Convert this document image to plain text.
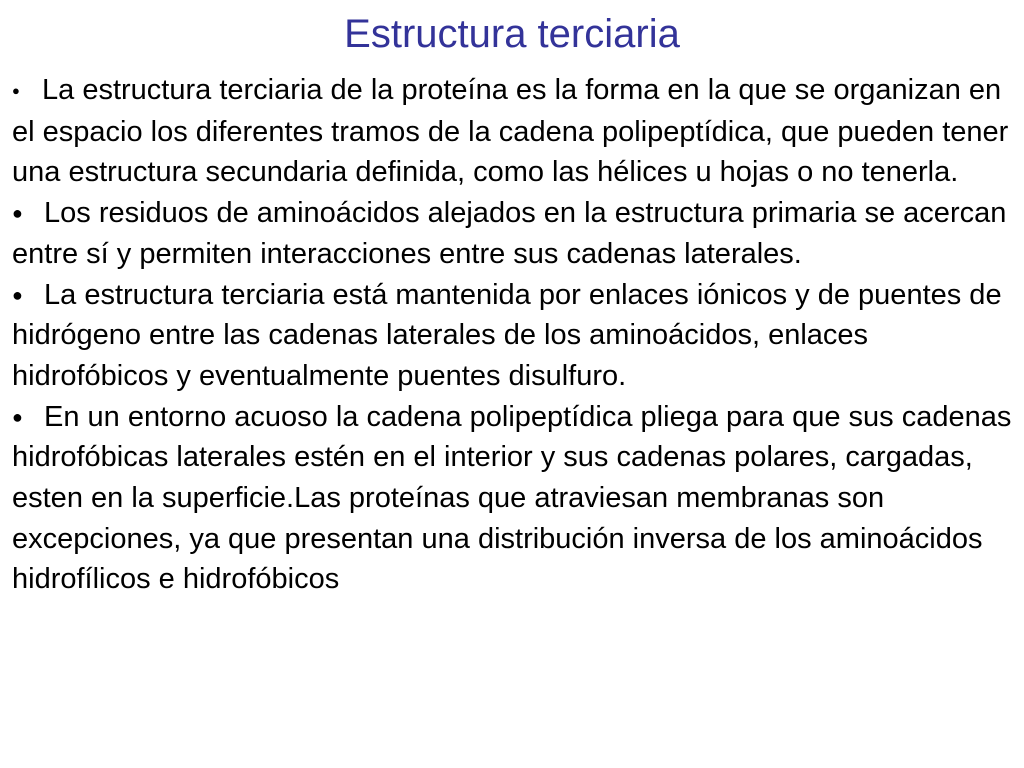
Estructura terciaria

● La estructura terciaria de la proteína es la forma en la que se organizan en el espacio los diferentes tramos de la cadena polipeptídica, que pueden tener una estructura secundaria definida, como las hélices u hojas o no tenerla.

● Los residuos de aminoácidos alejados en la estructura primaria se acercan entre sí y permiten interacciones entre sus cadenas laterales.

● La estructura terciaria está mantenida por enlaces iónicos y de puentes de hidrógeno entre las cadenas laterales de los aminoácidos, enlaces hidrofóbicos y eventualmente puentes disulfuro.

● En un entorno acuoso la cadena polipeptídica pliega para que sus cadenas hidrofóbicas laterales estén en el interior y sus cadenas polares, cargadas, esten en la superficie.Las proteínas que atraviesan membranas son excepciones, ya que presentan una distribución inversa de los aminoácidos hidrofílicos e hidrofóbicos
